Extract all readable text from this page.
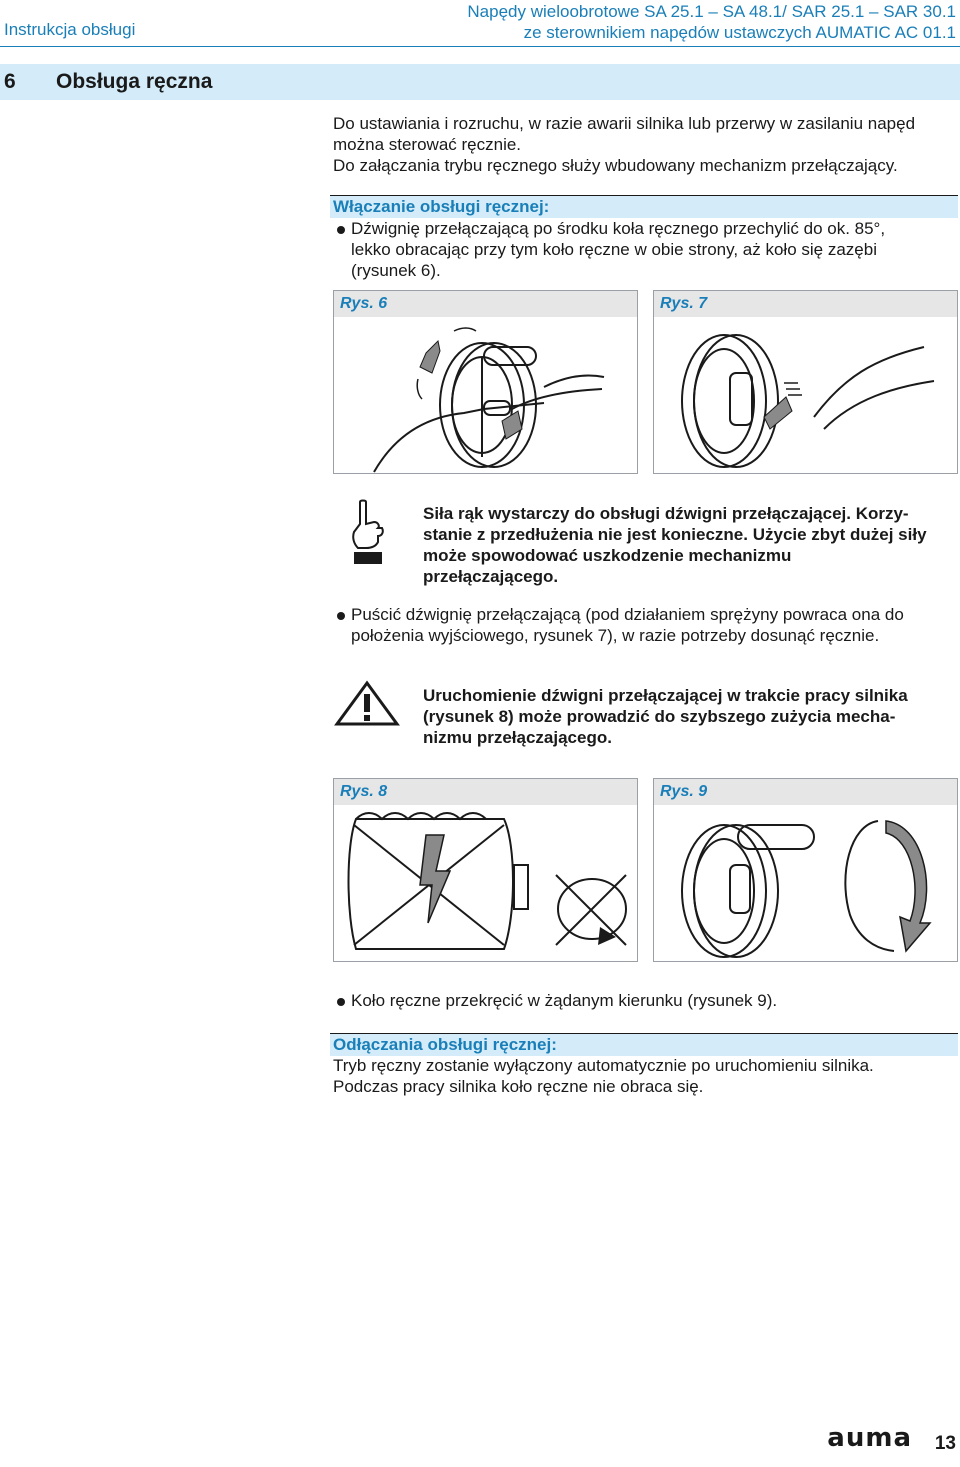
Instrukcja obsługi
Napędy wieloobrotowe SA 25.1 – SA 48.1/ SAR 25.1 – SAR 30.1
ze sterownikiem napędów ustawczych AUMATIC AC 01.1
6 Obsługa ręczna
Do ustawiania i rozruchu, w razie awarii silnika lub przerwy w zasilaniu napęd
można sterować ręcznie.
Do załączania trybu ręcznego służy wbudowany mechanizm przełączający.
Włączanie obsługi ręcznej:
Dźwignię przełączającą po środku koła ręcznego przechylić do ok. 85°,
lekko obracając przy tym koło ręczne w obie strony, aż koło się zazębi
(rysunek 6).
Rys. 6	Rys. 7
Siła rąk wystarczy do obsługi dźwigni przełączającej. Korzy-
stanie z przedłużenia nie jest konieczne. Użycie zbyt dużej siły
może spowodować uszkodzenie mechanizmu
przełączającego.
Puścić dźwignię przełączającą (pod działaniem sprężyny powraca ona do
położenia wyjściowego, rysunek 7), w razie potrzeby dosunąć ręcznie.
Uruchomienie dźwigni przełączającej w trakcie pracy silnika
(rysunek 8) może prowadzić do szybszego zużycia mecha-
nizmu przełączającego.
Rys. 8	Rys. 9
Koło ręczne przekręcić w żądanym kierunku (rysunek 9).
Odłączania obsługi ręcznej:
Tryb ręczny zostanie wyłączony automatycznie po uruchomieniu silnika.
Podczas pracy silnika koło ręczne nie obraca się.
auma 13
